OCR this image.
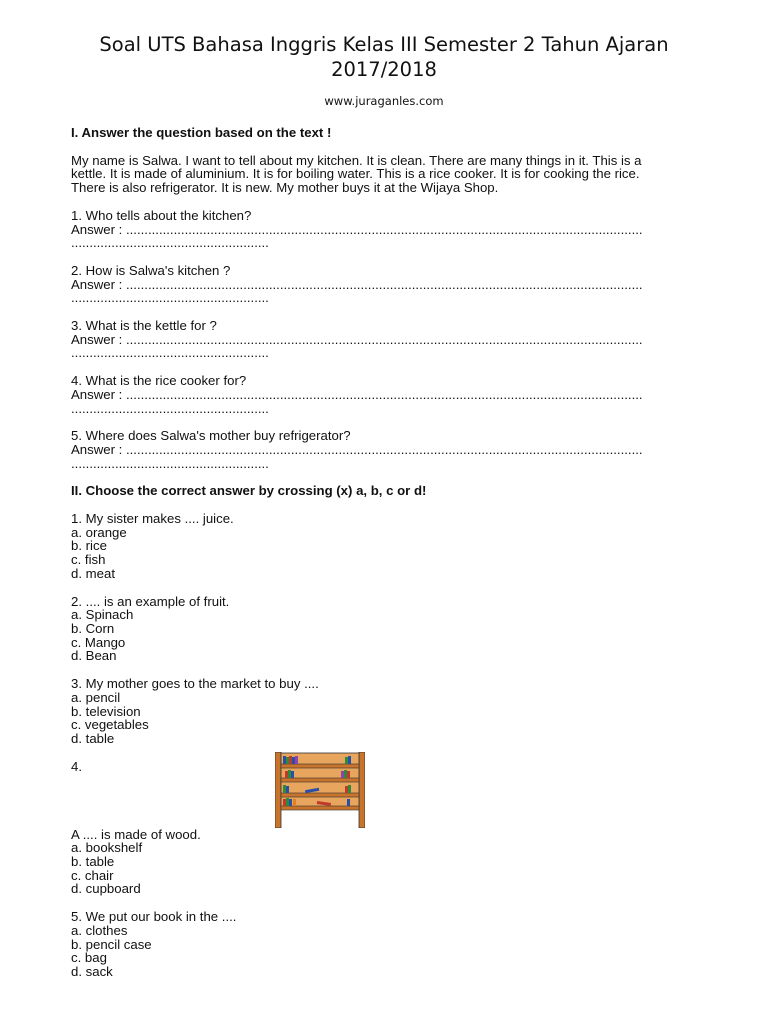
Soal UTS Bahasa Inggris Kelas III Semester 2 Tahun Ajaran
2017/2018
www.juraganles.com

I. Answer the question based on the text !

My name is Salwa. I want to tell about my kitchen. It is clean. There are many things in it. This is a

kettle. It is made of aluminium. It is for boiling water. This is a rice cooker. It is for cooking the rice.

There is also refrigerator. It is new. My mother buys it at the Wijaya Shop.

1. Who tells about the kitchen?

Answer : .............................................................................................................................................

......................................................

2. How is Salwa's kitchen ?

Answer : .............................................................................................................................................

......................................................

3. What is the kettle for ?

Answer : .............................................................................................................................................

......................................................

4. What is the rice cooker for?

Answer : .............................................................................................................................................

......................................................

5. Where does Salwa's mother buy refrigerator?

Answer : .............................................................................................................................................

......................................................

II. Choose the correct answer by crossing (x) a, b, c or d!

1. My sister makes .... juice.

a. orange

b. rice

c. fish

d. meat

2. .... is an example of fruit.

a. Spinach

b. Corn

c. Mango

d. Bean

3. My mother goes to the market to buy ....

a. pencil

b. television

c. vegetables

d. table

4.

A .... is made of wood.

a. bookshelf

b. table

c. chair

d. cupboard

5. We put our book in the ....

a. clothes

b. pencil case

c. bag

d. sack
